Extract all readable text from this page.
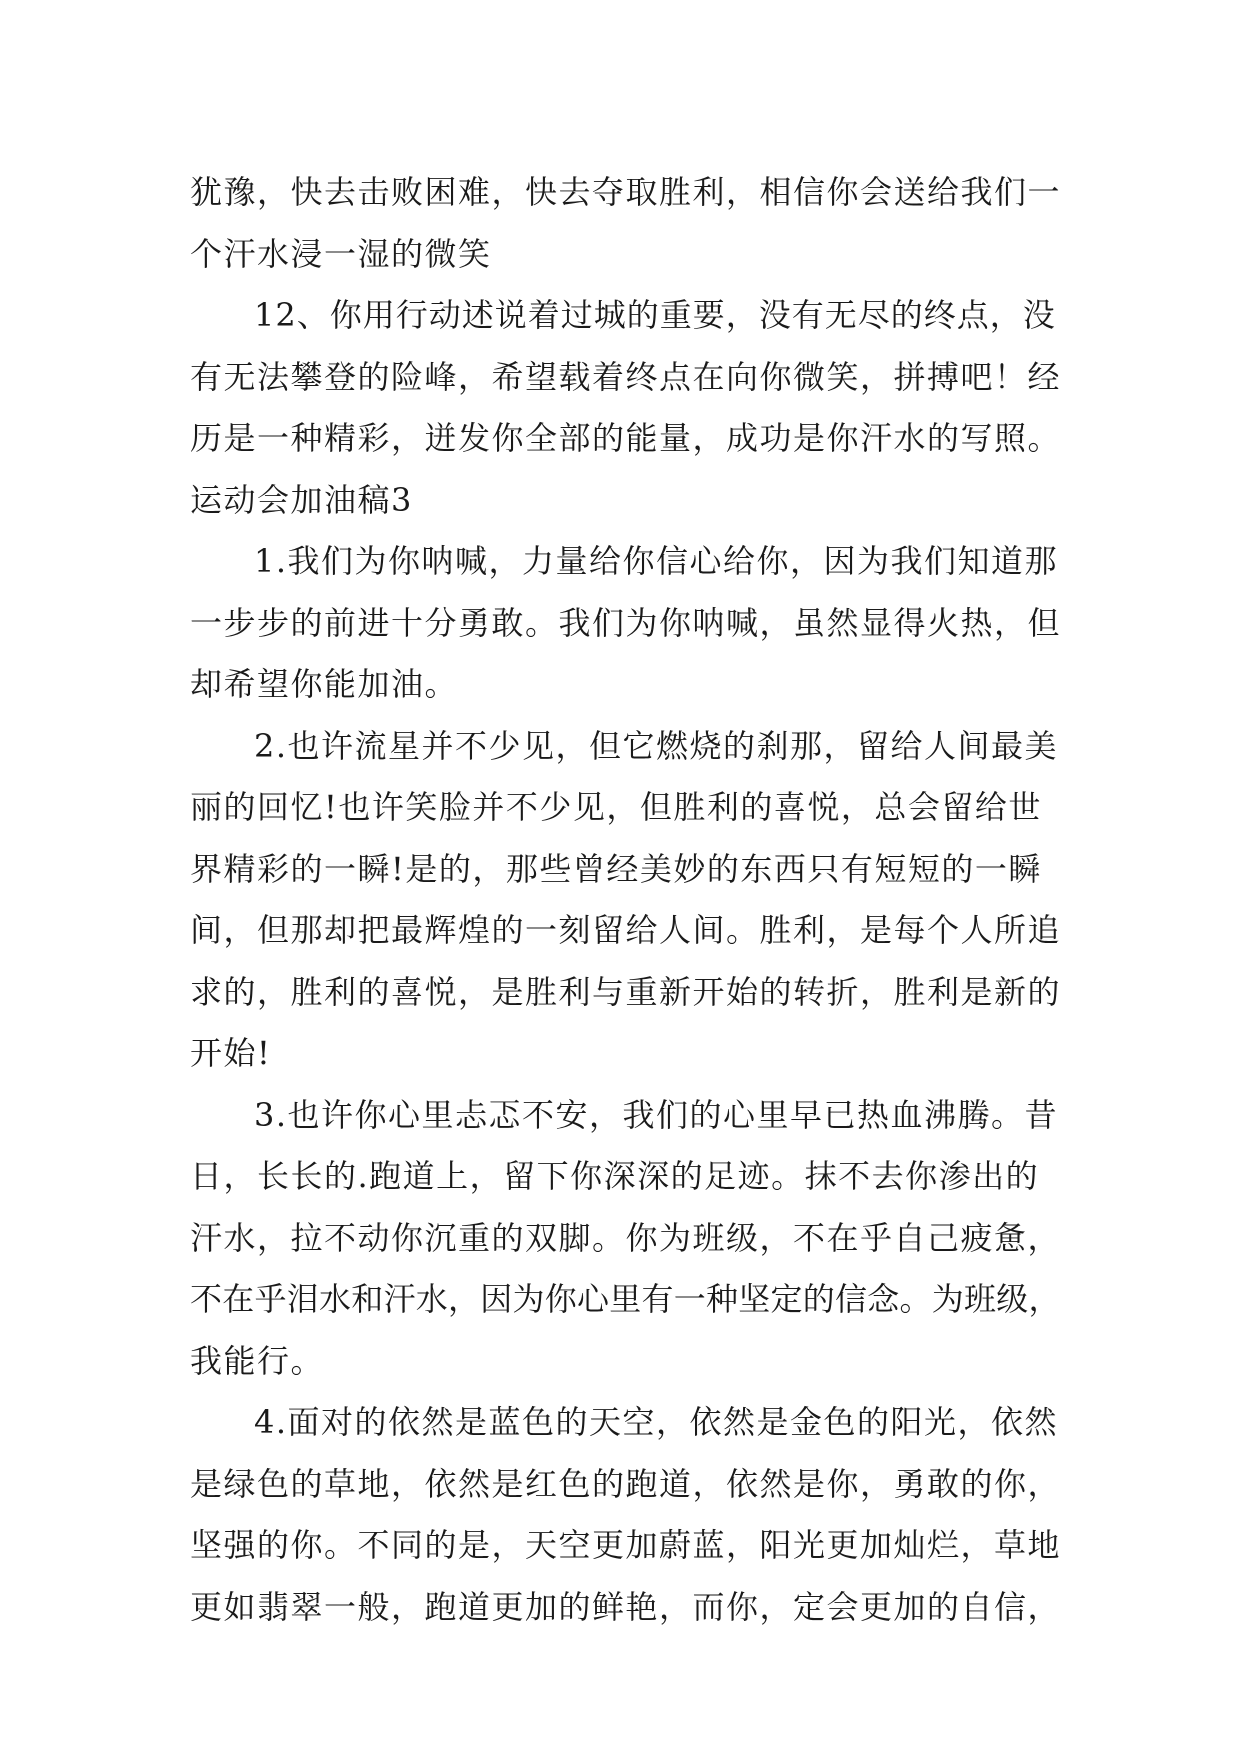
犹豫，快去击败困难，快去夺取胜利，相信你会送给我们一
个汗水浸一湿的微笑
12、你用行动述说着过城的重要，没有无尽的终点，没
有无法攀登的险峰，希望载着终点在向你微笑，拼搏吧！经
历是一种精彩，迸发你全部的能量，成功是你汗水的写照。
运动会加油稿3
1.我们为你呐喊，力量给你信心给你，因为我们知道那
一步步的前进十分勇敢。我们为你呐喊，虽然显得火热，但
却希望你能加油。
2.也许流星并不少见，但它燃烧的刹那，留给人间最美
丽的回忆!也许笑脸并不少见，但胜利的喜悦，总会留给世
界精彩的一瞬!是的，那些曾经美妙的东西只有短短的一瞬
间，但那却把最辉煌的一刻留给人间。胜利，是每个人所追
求的，胜利的喜悦，是胜利与重新开始的转折，胜利是新的
开始!
3.也许你心里忐忑不安，我们的心里早已热血沸腾。昔
日，长长的.跑道上，留下你深深的足迹。抹不去你渗出的
汗水，拉不动你沉重的双脚。你为班级，不在乎自己疲惫，
不在乎泪水和汗水，因为你心里有一种坚定的信念。为班级，
我能行。
4.面对的依然是蓝色的天空，依然是金色的阳光，依然
是绿色的草地，依然是红色的跑道，依然是你，勇敢的你，
坚强的你。不同的是，天空更加蔚蓝，阳光更加灿烂，草地
更如翡翠一般，跑道更加的鲜艳，而你，定会更加的自信，
